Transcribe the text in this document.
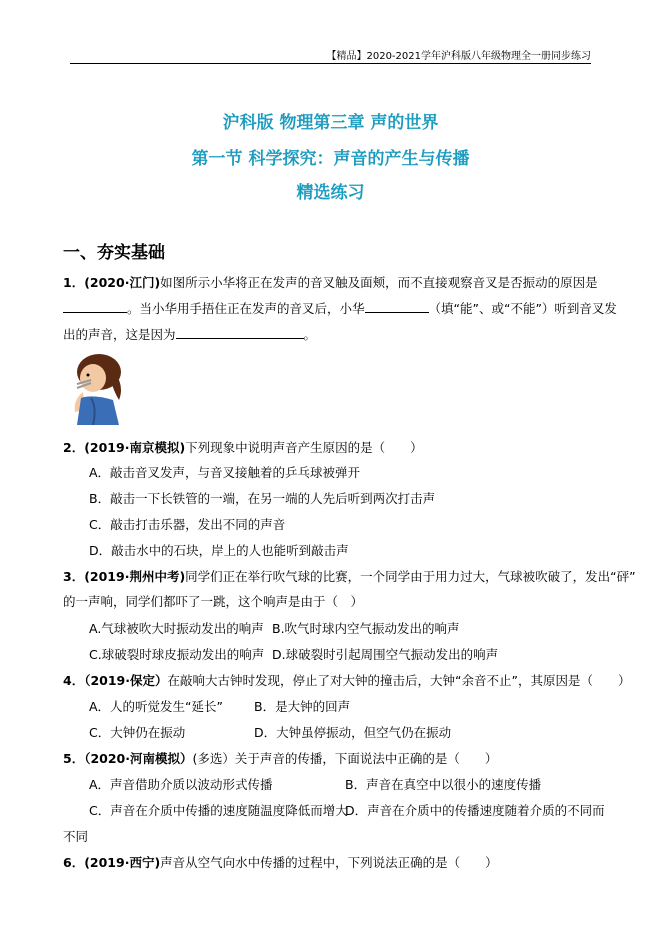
【精品】2020-2021学年沪科版八年级物理全一册同步练习
沪科版 物理第三章 声的世界
第一节 科学探究：声音的产生与传播
精选练习
一、夯实基础
1．(2020·江门)如图所示小华将正在发声的音叉触及面颊，而不直接观察音叉是否振动的原因是
。当小华用手捂住正在发声的音叉后，小华	（填“能”、或“不能”）听到音叉发
出的声音，这是因为	。
2．(2019·南京模拟)下列现象中说明声音产生原因的是（　　）
A．敲击音叉发声，与音叉接触着的乒乓球被弹开
B．敲击一下长铁管的一端，在另一端的人先后听到两次打击声
C．敲击打击乐器，发出不同的声音
D．敲击水中的石块，岸上的人也能听到敲击声
3．(2019·荆州中考)同学们正在举行吹气球的比赛，一个同学由于用力过大，气球被吹破了，发出“砰”
的一声响，同学们都吓了一跳，这个响声是由于（　）
A.气球被吹大时振动发出的响声 B.吹气时球内空气振动发出的响声
C.球破裂时球皮振动发出的响声 D.球破裂时引起周围空气振动发出的响声
4．（2019·保定）在敲响大古钟时发现，停止了对大钟的撞击后，大钟“余音不止”，其原因是（　　）
A．人的听觉发生“延长” B．是大钟的回声
C．大钟仍在振动	D．大钟虽停振动，但空气仍在振动
5．（2020·河南模拟）(多选）关于声音的传播，下面说法中正确的是（　　）
A．声音借助介质以波动形式传播	B．声音在真空中以很小的速度传播
C．声音在介质中传播的速度随温度降低而增大
D．声音在介质中的传播速度随着介质的不同而
不同
6．(2019·西宁)声音从空气向水中传播的过程中，下列说法正确的是（　　）
